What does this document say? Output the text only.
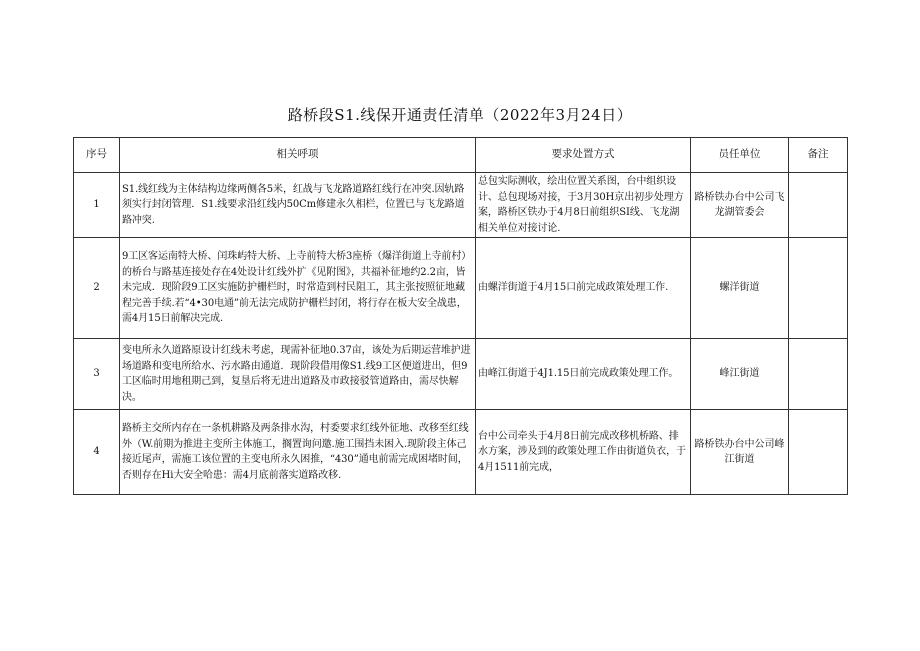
路桥段S1.线保开通责任清单（2022年3月24日）
序号	相关呼项	要求处置方式	员任单位	备注
1	S1.线红线为主体结构边缘两侧各5米，红战与飞龙路道路红线行在冲突.因轨路须实行封闭管理．S1.线要求沿红线内50Cm修建永久相栏，位置已与飞龙路道路冲突.	总包实际测收，绘出位置关系图，台中组织设计、总包现场对接，于3月30H京出初步处理方案，路桥区铁办于4月8日前组织SI线、飞龙湖相关单位对接讨论.	路桥铁办台中公司飞龙湖管委会	
2	9工区客运南特大桥、闰珠屿特大桥、上寺前特大桥3座桥（爆洋街道上寺前村）的桥台与路基连接处存在4处设计红线外扩《见附图》，共福补征地约2.2亩，皆未完成．现阶段9工区实施防护栅栏时，时常造到村民阻工，其主张按照征地藏程完善手续.若“4•30电通”前无法完成防护栅栏封闭，将行存在板大安全战患，需4月15日前解决完成.	由螺洋街道于4月15口前完成政策处理工作.	螺洋街道	
3	变电所永久道路原设计红线未考虑，现需补征地0.37亩，该处为后期运营堆护进场道路和变电所给水、污水路由通道．现阶段借用像S1.线9工区便道进出，但9工区临时用地租期己到，复垦后将无进出道路及市政接驳管道路由，需尽快解决。	由峰江街道于4J1.15日前完成政策处理工作。	峰江街道	
4	路桥主交所内存在一条机耕路及两条排水沟，村委要求红线外征地、改移至红线外（W.前期为推进主变所主体施工，搁置询问邀.施工围挡未困入.现阶段主体己接近尾声，需施工该位置的主变电所永久困推，“430”通电前需完成困堵时间，否则存在Hi大安全哈患：需4月底前落实道路改移.	台中公司牵头于4月8日前完成改移机桥路、排水方案，涉及到的政策处理工作由街道负衣，于4月1511前完成，	路桥铁办台中公司峰江街道	
